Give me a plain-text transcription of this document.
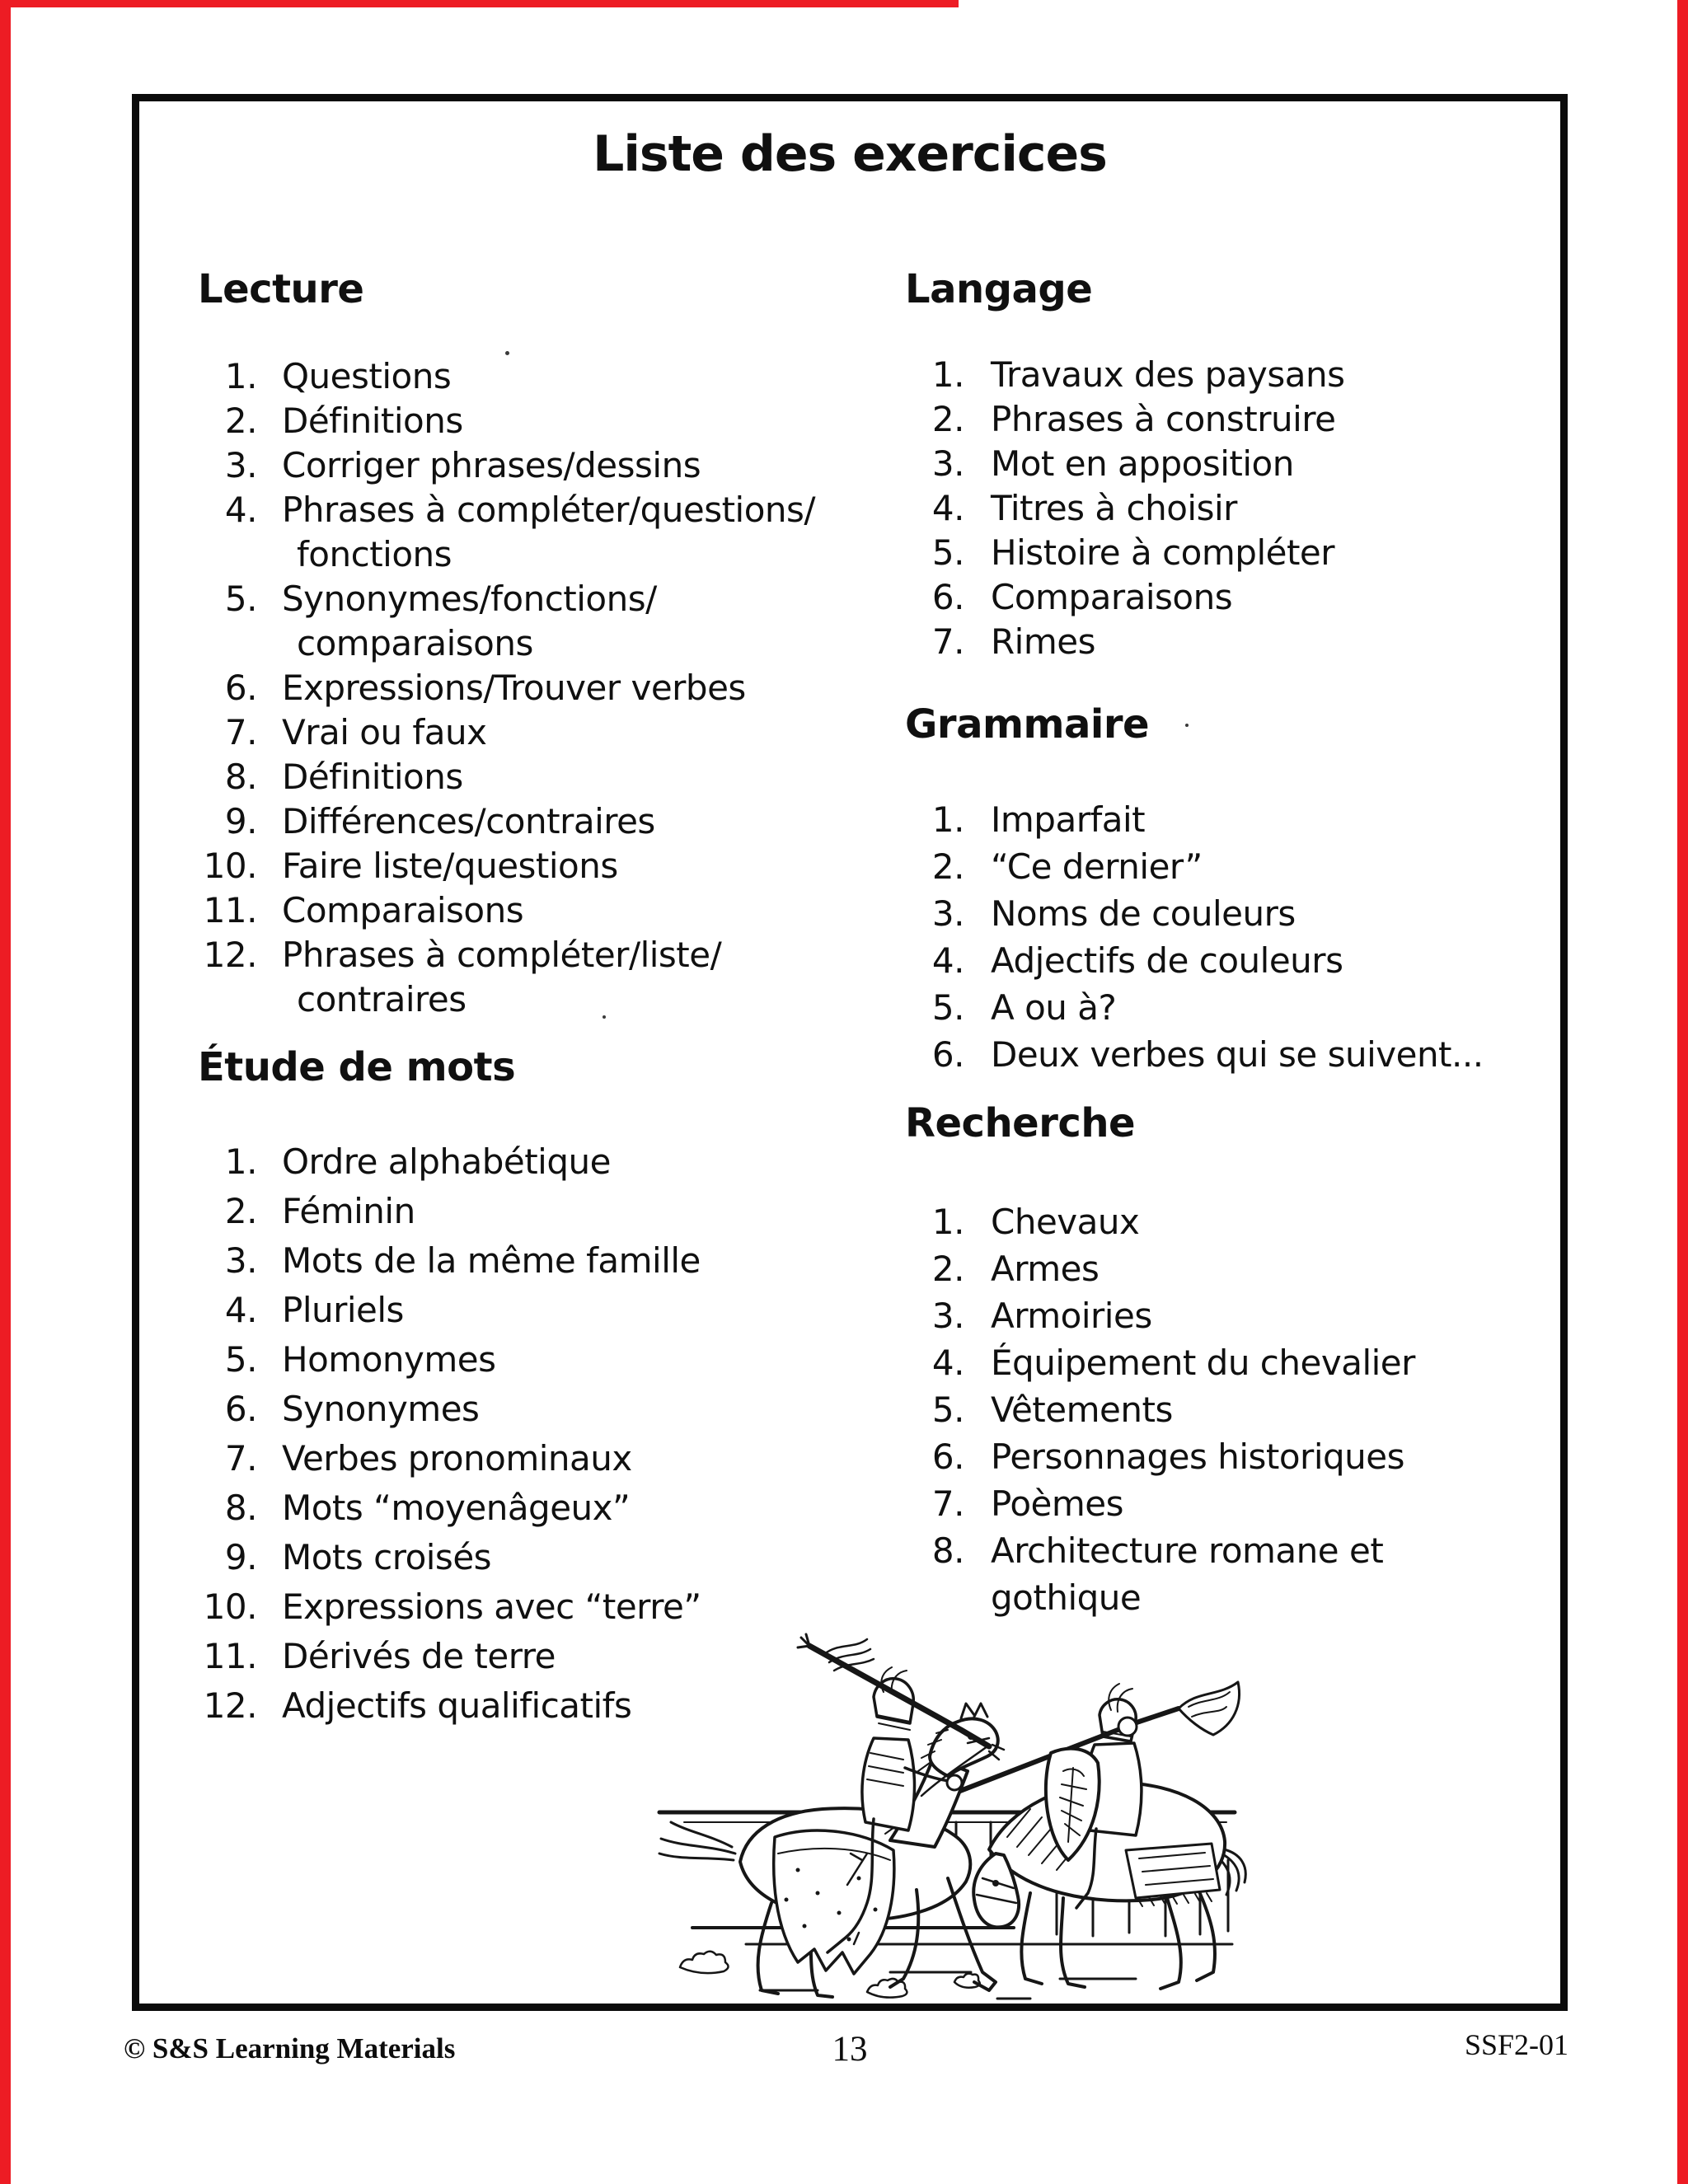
Liste des exercices
Lecture
1. Questions
2. Définitions
3. Corriger phrases/dessins
4. Phrases à compléter/questions/
fonctions
5. Synonymes/fonctions/
comparaisons
6. Expressions/Trouver verbes
7. Vrai ou faux
8. Définitions
9. Différences/contraires
10. Faire liste/questions
11. Comparaisons
12. Phrases à compléter/liste/
contraires
Étude de mots
1. Ordre alphabétique
2. Féminin
3. Mots de la même famille
4. Pluriels
5. Homonymes
6. Synonymes
7. Verbes pronominaux
8. Mots “moyenâgeux”
9. Mots croisés
10. Expressions avec “terre”
11. Dérivés de terre
12. Adjectifs qualificatifs
Langage
1. Travaux des paysans
2. Phrases à construire
3. Mot en apposition
4. Titres à choisir
5. Histoire à compléter
6. Comparaisons
7. Rimes
Grammaire
1. Imparfait
2. “Ce dernier”
3. Noms de couleurs
4. Adjectifs de couleurs
5. A ou à?
6. Deux verbes qui se suivent...
Recherche
1. Chevaux
2. Armes
3. Armoiries
4. Équipement du chevalier
5. Vêtements
6. Personnages historiques
7. Poèmes
8. Architecture romane et
gothique
© S&S Learning Materials	13	SSF2-01
